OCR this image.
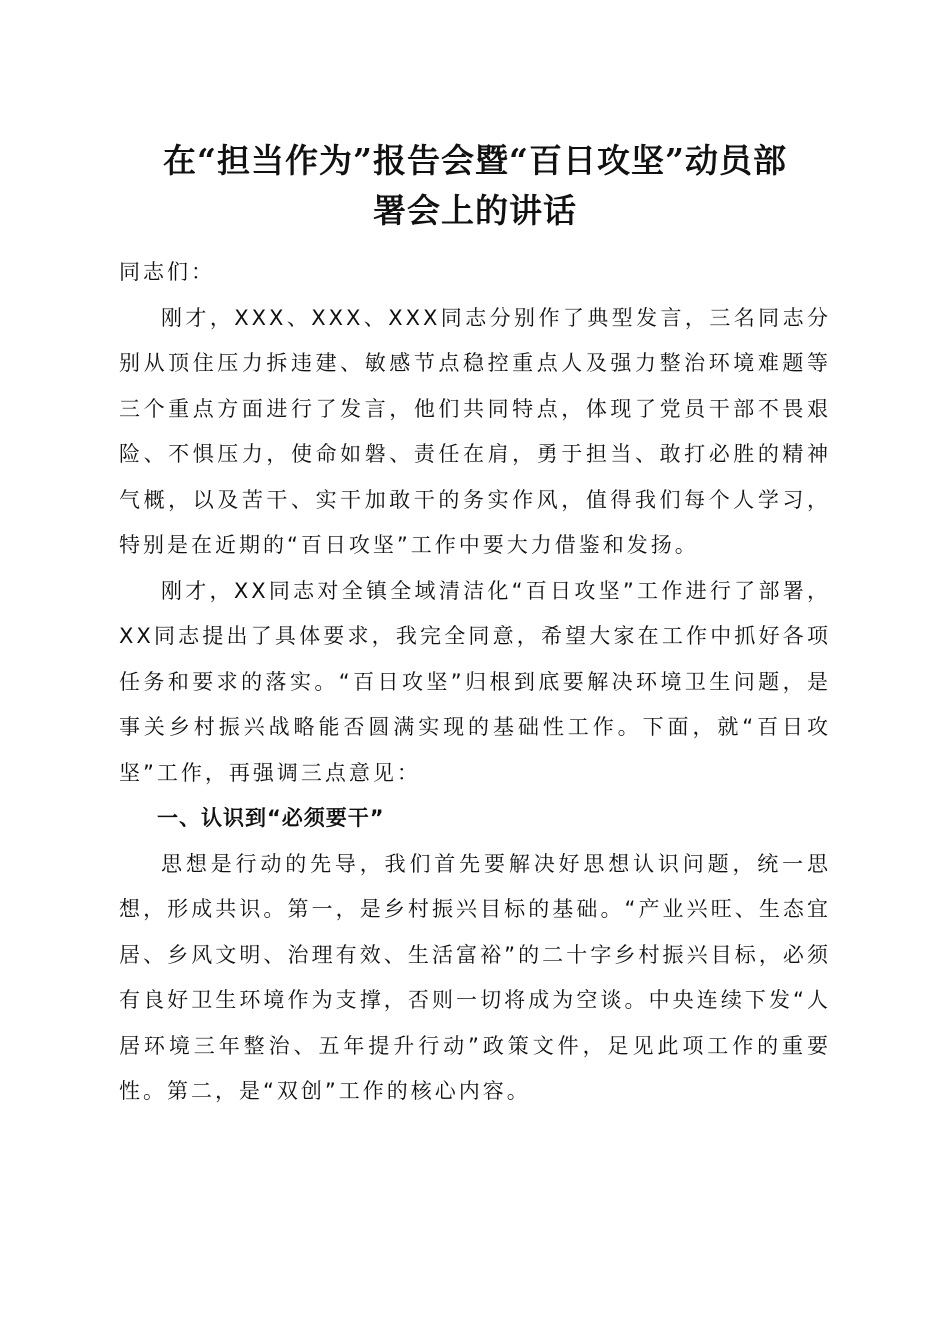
在“担当作为”报告会暨“百日攻坚”动员部
署会上的讲话

同志们：

刚才，XXX、XXX、XXX同志分别作了典型发言，三名同志分别从顶住压力拆违建、敏感节点稳控重点人及强力整治环境难题等三个重点方面进行了发言，他们共同特点，体现了党员干部不畏艰险、不惧压力，使命如磐、责任在肩，勇于担当、敢打必胜的精神气概，以及苦干、实干加敢干的务实作风，值得我们每个人学习，特别是在近期的“百日攻坚”工作中要大力借鉴和发扬。

刚才，XX同志对全镇全域清洁化“百日攻坚”工作进行了部署，XX同志提出了具体要求，我完全同意，希望大家在工作中抓好各项任务和要求的落实。“百日攻坚”归根到底要解决环境卫生问题，是事关乡村振兴战略能否圆满实现的基础性工作。下面，就“百日攻坚”工作，再强调三点意见：

一、认识到“必须要干”

思想是行动的先导，我们首先要解决好思想认识问题，统一思想，形成共识。第一，是乡村振兴目标的基础。“产业兴旺、生态宜居、乡风文明、治理有效、生活富裕”的二十字乡村振兴目标，必须有良好卫生环境作为支撑，否则一切将成为空谈。中央连续下发“人居环境三年整治、五年提升行动”政策文件，足见此项工作的重要性。第二，是“双创”工作的核心内容。
